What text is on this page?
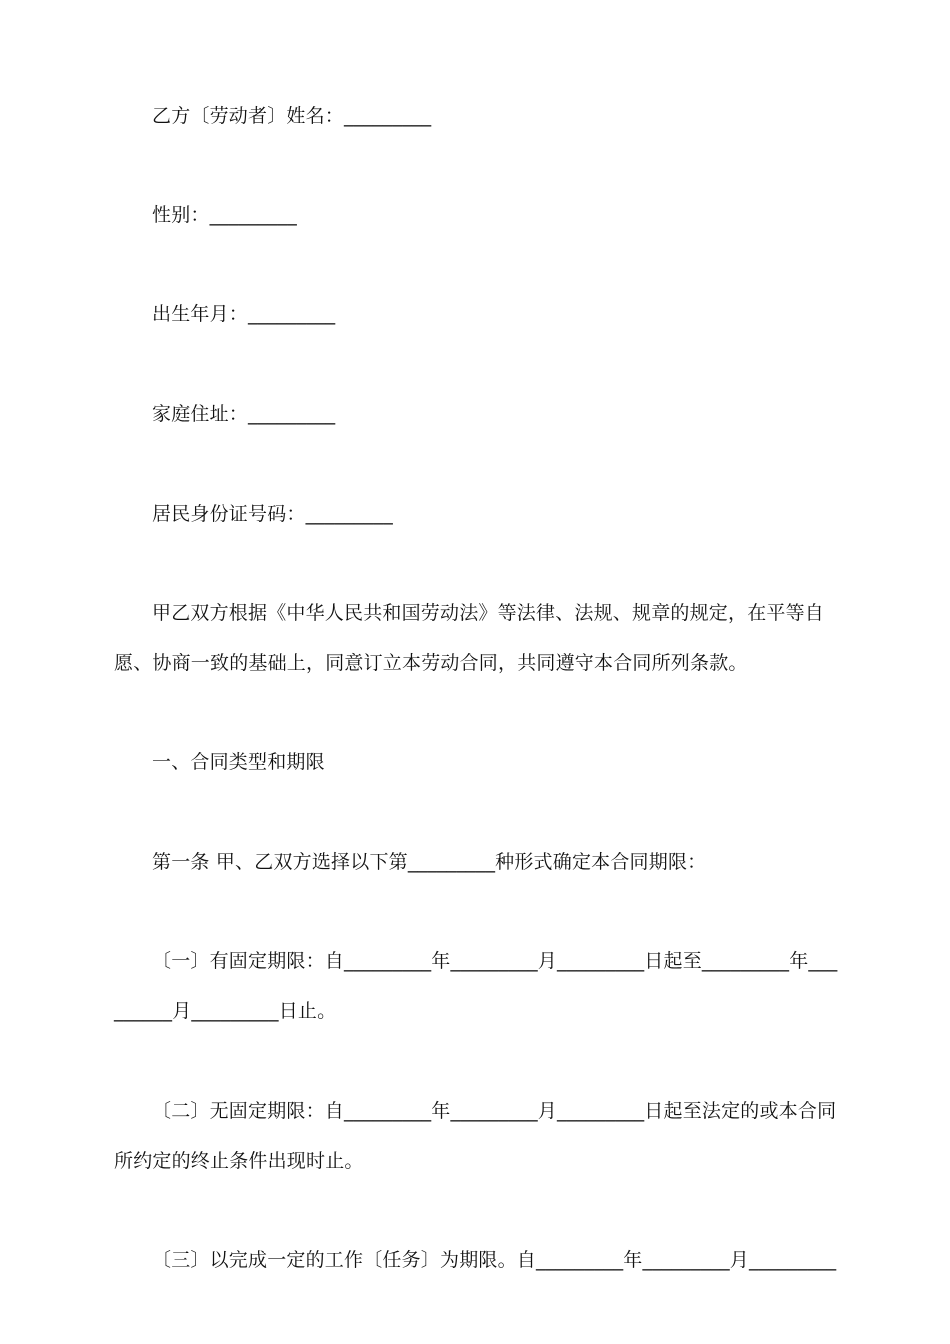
乙方〔劳动者〕姓名：_________
性别：_________
出生年月：_________
家庭住址：_________
居民身份证号码：_________
甲乙双方根据《中华人民共和国劳动法》等法律、法规、规章的规定，在平等自
愿、协商一致的基础上，同意订立本劳动合同，共同遵守本合同所列条款。
一、合同类型和期限
第一条 甲、乙双方选择以下第_________种形式确定本合同期限：
〔一〕有固定期限：自_________年_________月_________日起至_________年___
______月_________日止。
〔二〕无固定期限：自_________年_________月_________日起至法定的或本合同
所约定的终止条件出现时止。
〔三〕以完成一定的工作〔任务〕为期限。自_________年_________月_________
